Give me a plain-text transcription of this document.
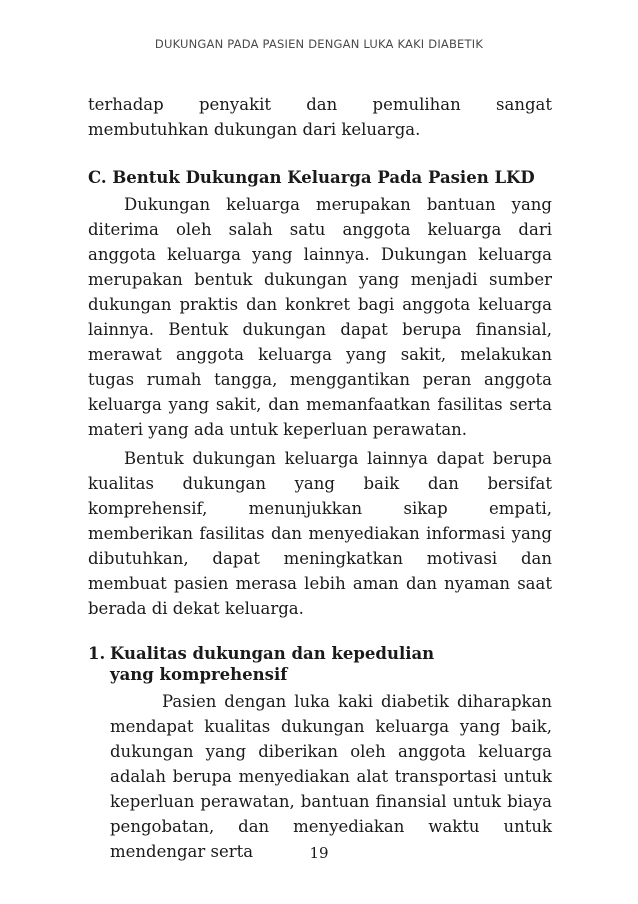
DUKUNGAN PADA PASIEN DENGAN LUKA KAKI DIABETIK

terhadap penyakit dan pemulihan sangat membutuhkan dukungan dari keluarga.

C. Bentuk Dukungan Keluarga Pada Pasien LKD

Dukungan keluarga merupakan bantuan yang diterima oleh salah satu anggota keluarga dari anggota keluarga yang lainnya. Dukungan keluarga merupakan bentuk dukungan yang menjadi sumber dukungan praktis dan konkret bagi anggota keluarga lainnya. Bentuk dukungan dapat berupa finansial, merawat anggota keluarga yang sakit, melakukan tugas rumah tangga, menggantikan peran anggota keluarga yang sakit, dan memanfaatkan fasilitas serta materi yang ada untuk keperluan perawatan.

Bentuk dukungan keluarga lainnya dapat berupa kualitas dukungan yang baik dan bersifat komprehensif, menunjukkan sikap empati, memberikan fasilitas dan menyediakan informasi yang dibutuhkan, dapat meningkatkan motivasi dan membuat pasien merasa lebih aman dan nyaman saat berada di dekat keluarga.

1. Kualitas dukungan dan kepedulian
yang komprehensif

Pasien dengan luka kaki diabetik diharapkan mendapat kualitas dukungan keluarga yang baik, dukungan yang diberikan oleh anggota keluarga adalah berupa menyediakan alat transportasi untuk keperluan perawatan, bantuan finansial untuk biaya pengobatan, dan menyediakan waktu untuk mendengar serta	19
